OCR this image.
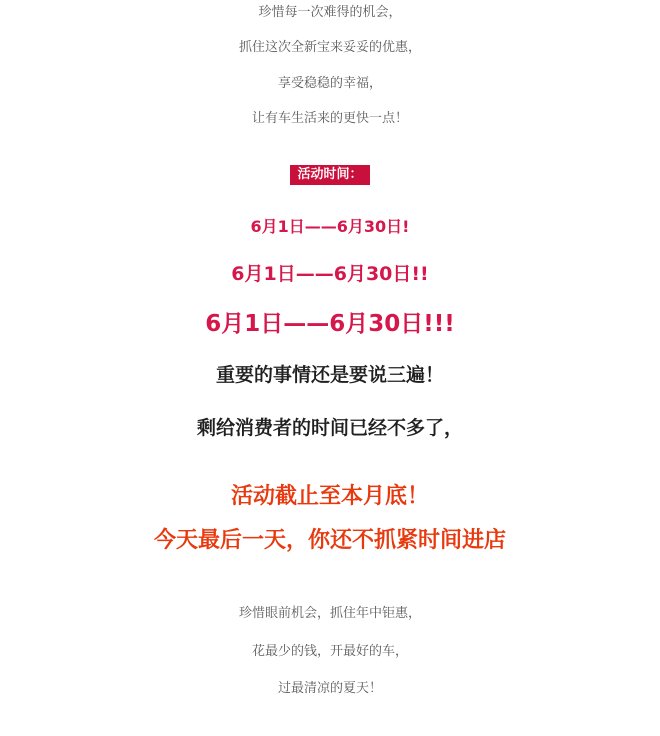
珍惜每一次难得的机会，
抓住这次全新宝来妥妥的优惠，
享受稳稳的幸福，
让有车生活来的更快一点！
活动时间：
6月1日——6月30日!
6月1日——6月30日!!
6月1日——6月30日!!!
重要的事情还是要说三遍！
剩给消费者的时间已经不多了，
活动截止至本月底！
今天最后一天，你还不抓紧时间进店
珍惜眼前机会，抓住年中钜惠，
花最少的钱，开最好的车，
过最清凉的夏天！
